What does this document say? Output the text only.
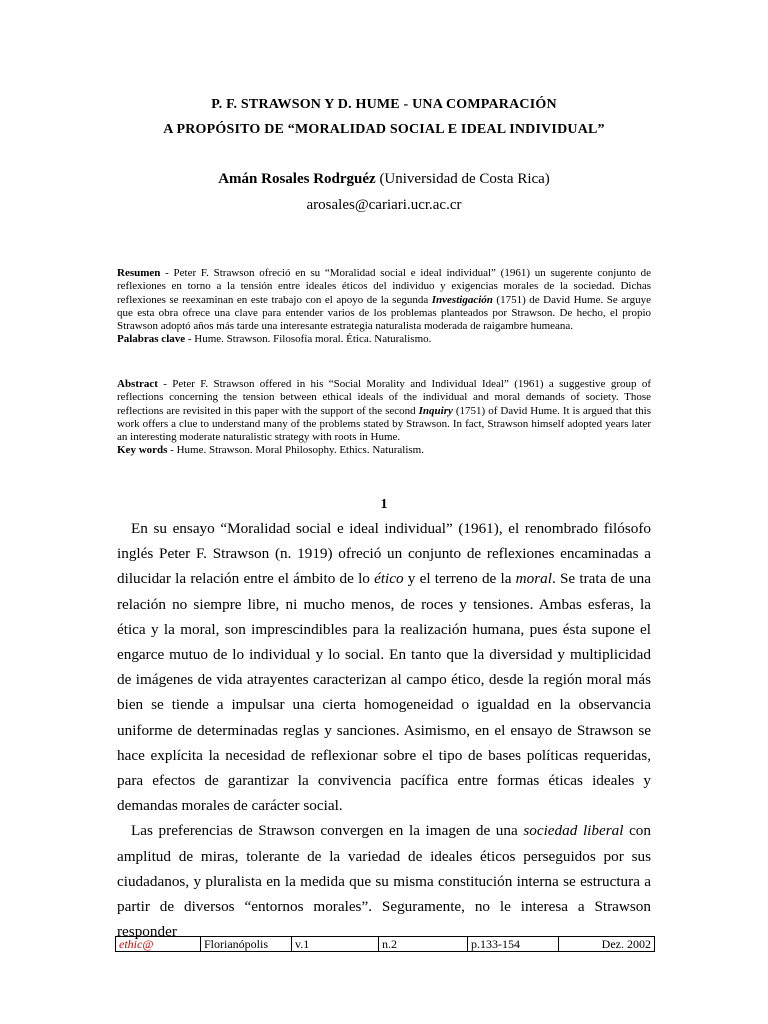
P. F. STRAWSON Y D. HUME - UNA COMPARACIÓN
A PROPÓSITO DE “MORALIDAD SOCIAL E IDEAL INDIVIDUAL”
Amán Rosales Rodrguéz (Universidad de Costa Rica)
arosales@cariari.ucr.ac.cr
Resumen - Peter F. Strawson ofreció en su “Moralidad social e ideal individual” (1961) un sugerente conjunto de reflexiones en torno a la tensión entre ideales éticos del individuo y exigencias morales de la sociedad. Dichas reflexiones se reexaminan en este trabajo con el apoyo de la segunda Investigación (1751) de David Hume. Se arguye que esta obra ofrece una clave para entender varios de los problemas planteados por Strawson. De hecho, el propio Strawson adoptó años más tarde una interesante estrategia naturalista moderada de raigambre humeana.
Palabras clave - Hume. Strawson. Filosofía moral. Ética. Naturalismo.
Abstract - Peter F. Strawson offered in his “Social Morality and Individual Ideal” (1961) a suggestive group of reflections concerning the tension between ethical ideals of the individual and moral demands of society. Those reflections are revisited in this paper with the support of the second Inquiry (1751) of David Hume. It is argued that this work offers a clue to understand many of the problems stated by Strawson. In fact, Strawson himself adopted years later an interesting moderate naturalistic strategy with roots in Hume.
Key words - Hume. Strawson. Moral Philosophy. Ethics. Naturalism.
1

En su ensayo “Moralidad social e ideal individual” (1961), el renombrado filósofo inglés Peter F. Strawson (n. 1919) ofreció un conjunto de reflexiones encaminadas a dilucidar la relación entre el ámbito de lo ético y el terreno de la moral. Se trata de una relación no siempre libre, ni mucho menos, de roces y tensiones. Ambas esferas, la ética y la moral, son imprescindibles para la realización humana, pues ésta supone el engarce mutuo de lo individual y lo social. En tanto que la diversidad y multiplicidad de imágenes de vida atrayentes caracterizan al campo ético, desde la región moral más bien se tiende a impulsar una cierta homogeneidad o igualdad en la observancia uniforme de determinadas reglas y sanciones. Asimismo, en el ensayo de Strawson se hace explícita la necesidad de reflexionar sobre el tipo de bases políticas requeridas, para efectos de garantizar la convivencia pacífica entre formas éticas ideales y demandas morales de carácter social.

Las preferencias de Strawson convergen en la imagen de una sociedad liberal con amplitud de miras, tolerante de la variedad de ideales éticos perseguidos por sus ciudadanos, y pluralista en la medida que su misma constitución interna se estructura a partir de diversos “entornos morales”. Seguramente, no le interesa a Strawson responder

ethic@	Florianópolis	v.1	n.2	p.133-154	Dez. 2002
